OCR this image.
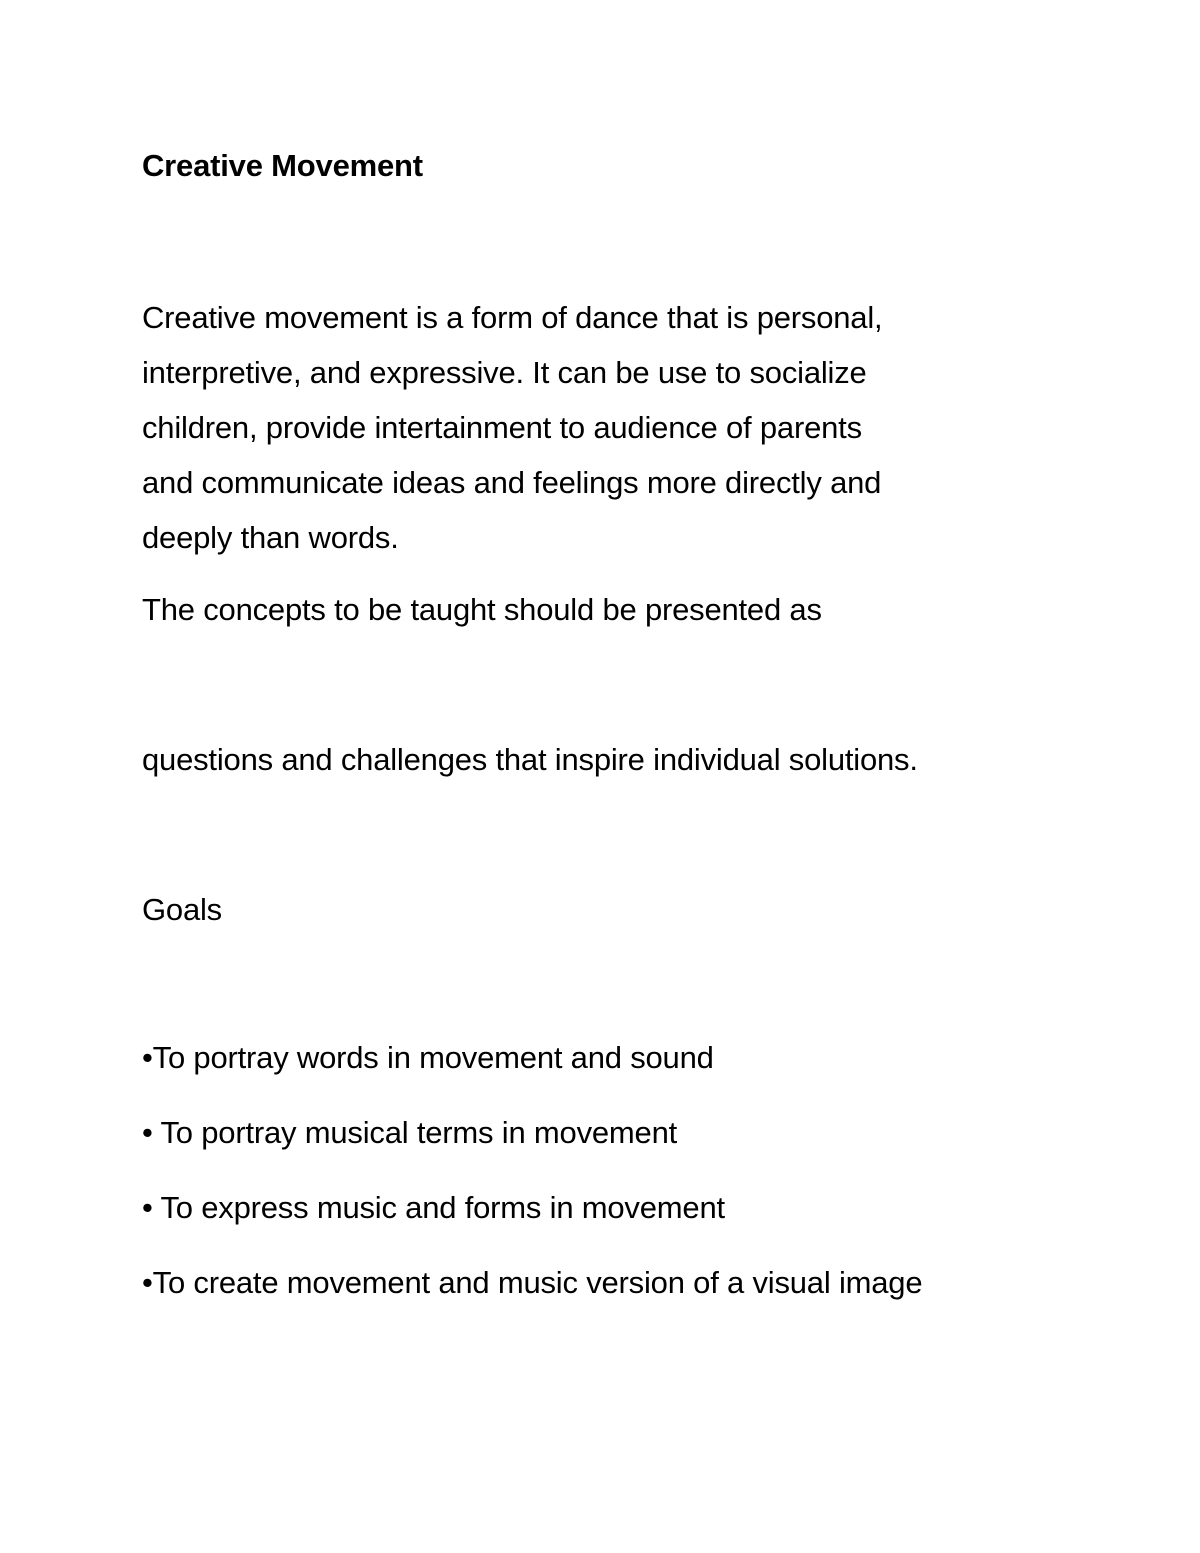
Creative Movement

Creative movement is a form of dance that is personal,
interpretive, and expressive. It can be use to socialize
children, provide intertainment to audience of parents
and communicate ideas and feelings more directly and
deeply than words.

The concepts to be taught should be presented as

questions and challenges that inspire individual solutions.

Goals

•To portray words in movement and sound

• To portray musical terms in movement

• To express music and forms in movement

•To create movement and music version of a visual image
